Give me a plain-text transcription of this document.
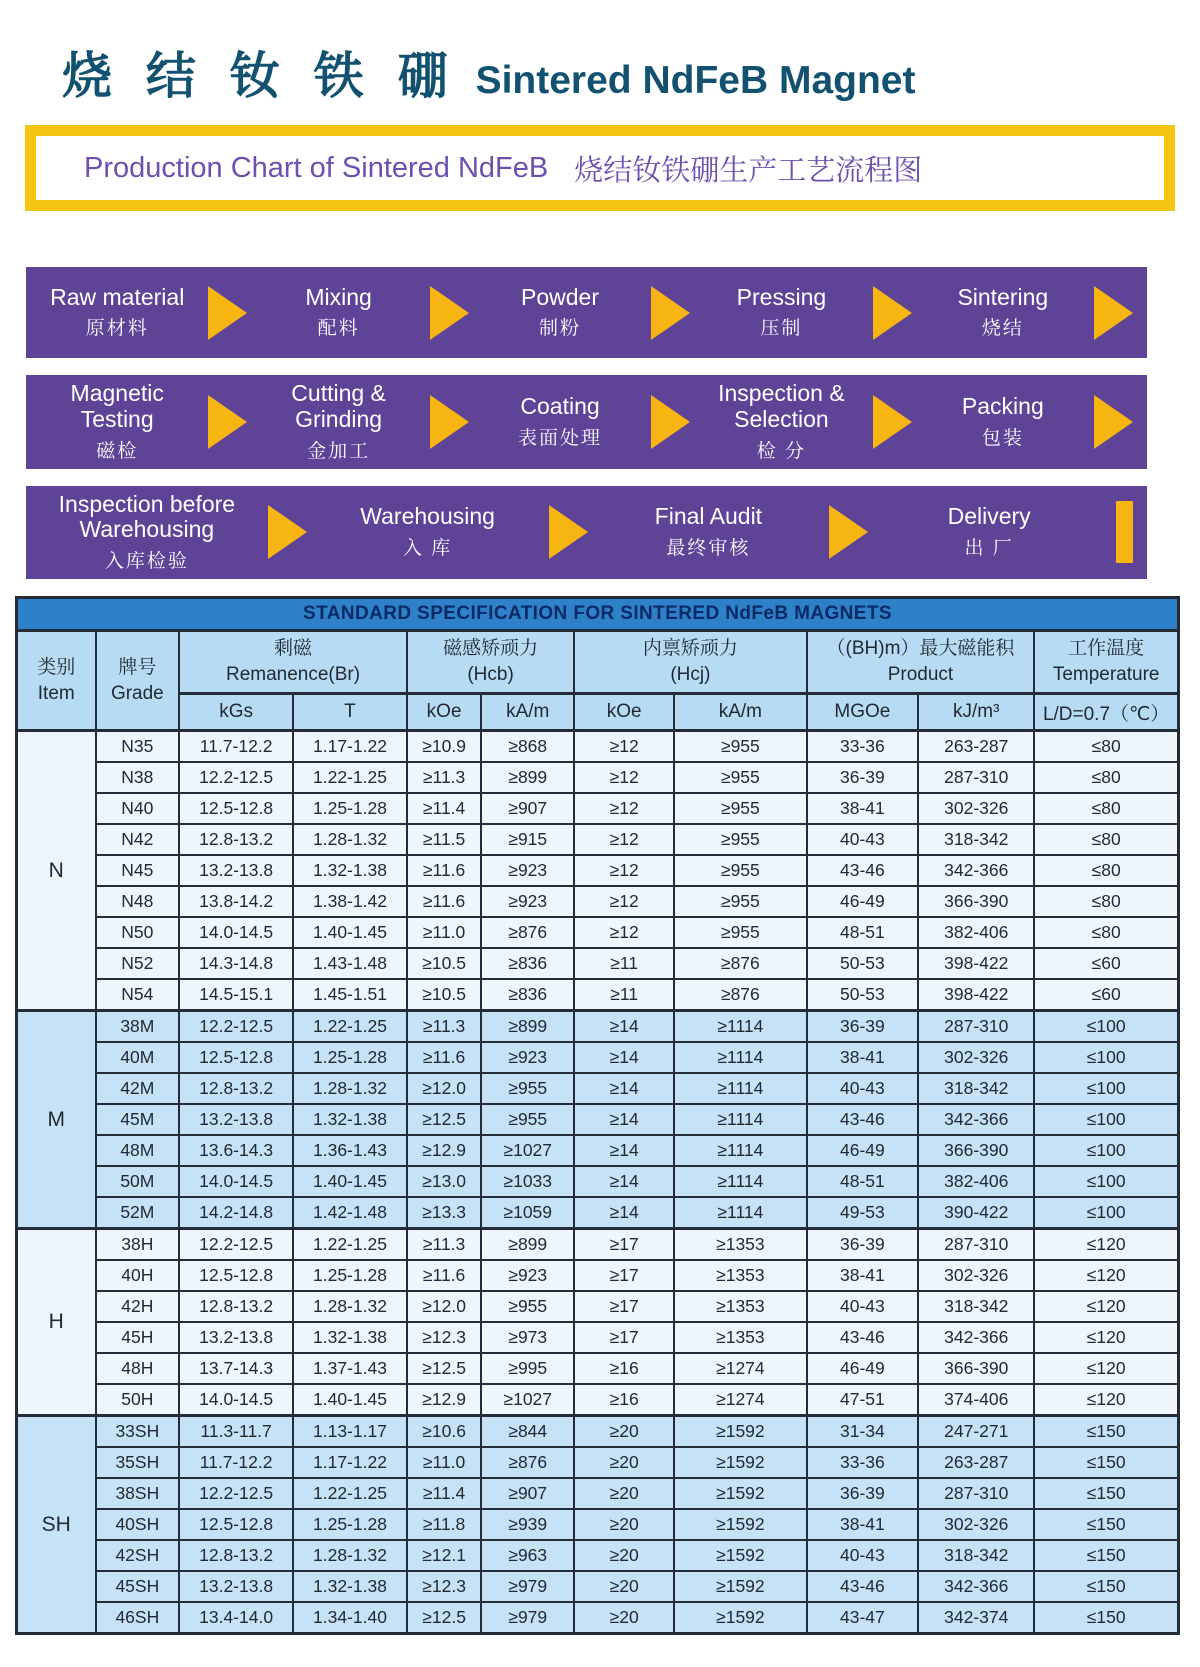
烧 结 钕 铁 硼 Sintered NdFeB Magnet
Production Chart of Sintered NdFeB 烧结钕铁硼生产工艺流程图
Raw material
原材料
Mixing
配料
Powder
制粉
Pressing
压制
Sintering
烧结
Magnetic Testing
磁检
Cutting & Grinding
金加工
Coating
表面处理
Inspection & Selection
检 分
Packing
包装
Inspection before Warehousing
入库检验
Warehousing
入 库
Final Audit
最终审核
Delivery
出 厂
STANDARD SPECIFICATION FOR SINTERED NdFeB MAGNETS										

类别
Item

牌号
Grade

剩磁
Remanence(Br)

磁感矫顽力
(Hcb)

内禀矫顽力
(Hcj)

（(BH)m）最大磁能积
Product

工作温度
Temperature

		kGs	T	kOe	kA/m	kOe	kA/m	MGOe	kJ/m³	L/D=0.7（℃）
N	N35	11.7-12.2	1.17-1.22	≥10.9	≥868	≥12	≥955	33-36	263-287	≤80
	N38	12.2-12.5	1.22-1.25	≥11.3	≥899	≥12	≥955	36-39	287-310	≤80
	N40	12.5-12.8	1.25-1.28	≥11.4	≥907	≥12	≥955	38-41	302-326	≤80
	N42	12.8-13.2	1.28-1.32	≥11.5	≥915	≥12	≥955	40-43	318-342	≤80
	N45	13.2-13.8	1.32-1.38	≥11.6	≥923	≥12	≥955	43-46	342-366	≤80
	N48	13.8-14.2	1.38-1.42	≥11.6	≥923	≥12	≥955	46-49	366-390	≤80
	N50	14.0-14.5	1.40-1.45	≥11.0	≥876	≥12	≥955	48-51	382-406	≤80
	N52	14.3-14.8	1.43-1.48	≥10.5	≥836	≥11	≥876	50-53	398-422	≤60
	N54	14.5-15.1	1.45-1.51	≥10.5	≥836	≥11	≥876	50-53	398-422	≤60
M	38M	12.2-12.5	1.22-1.25	≥11.3	≥899	≥14	≥1114	36-39	287-310	≤100
	40M	12.5-12.8	1.25-1.28	≥11.6	≥923	≥14	≥1114	38-41	302-326	≤100
	42M	12.8-13.2	1.28-1.32	≥12.0	≥955	≥14	≥1114	40-43	318-342	≤100
	45M	13.2-13.8	1.32-1.38	≥12.5	≥955	≥14	≥1114	43-46	342-366	≤100
	48M	13.6-14.3	1.36-1.43	≥12.9	≥1027	≥14	≥1114	46-49	366-390	≤100
	50M	14.0-14.5	1.40-1.45	≥13.0	≥1033	≥14	≥1114	48-51	382-406	≤100
	52M	14.2-14.8	1.42-1.48	≥13.3	≥1059	≥14	≥1114	49-53	390-422	≤100
H	38H	12.2-12.5	1.22-1.25	≥11.3	≥899	≥17	≥1353	36-39	287-310	≤120
	40H	12.5-12.8	1.25-1.28	≥11.6	≥923	≥17	≥1353	38-41	302-326	≤120
	42H	12.8-13.2	1.28-1.32	≥12.0	≥955	≥17	≥1353	40-43	318-342	≤120
	45H	13.2-13.8	1.32-1.38	≥12.3	≥973	≥17	≥1353	43-46	342-366	≤120
	48H	13.7-14.3	1.37-1.43	≥12.5	≥995	≥16	≥1274	46-49	366-390	≤120
	50H	14.0-14.5	1.40-1.45	≥12.9	≥1027	≥16	≥1274	47-51	374-406	≤120
SH	33SH	11.3-11.7	1.13-1.17	≥10.6	≥844	≥20	≥1592	31-34	247-271	≤150
	35SH	11.7-12.2	1.17-1.22	≥11.0	≥876	≥20	≥1592	33-36	263-287	≤150
	38SH	12.2-12.5	1.22-1.25	≥11.4	≥907	≥20	≥1592	36-39	287-310	≤150
	40SH	12.5-12.8	1.25-1.28	≥11.8	≥939	≥20	≥1592	38-41	302-326	≤150
	42SH	12.8-13.2	1.28-1.32	≥12.1	≥963	≥20	≥1592	40-43	318-342	≤150
	45SH	13.2-13.8	1.32-1.38	≥12.3	≥979	≥20	≥1592	43-46	342-366	≤150
	46SH	13.4-14.0	1.34-1.40	≥12.5	≥979	≥20	≥1592	43-47	342-374	≤150
